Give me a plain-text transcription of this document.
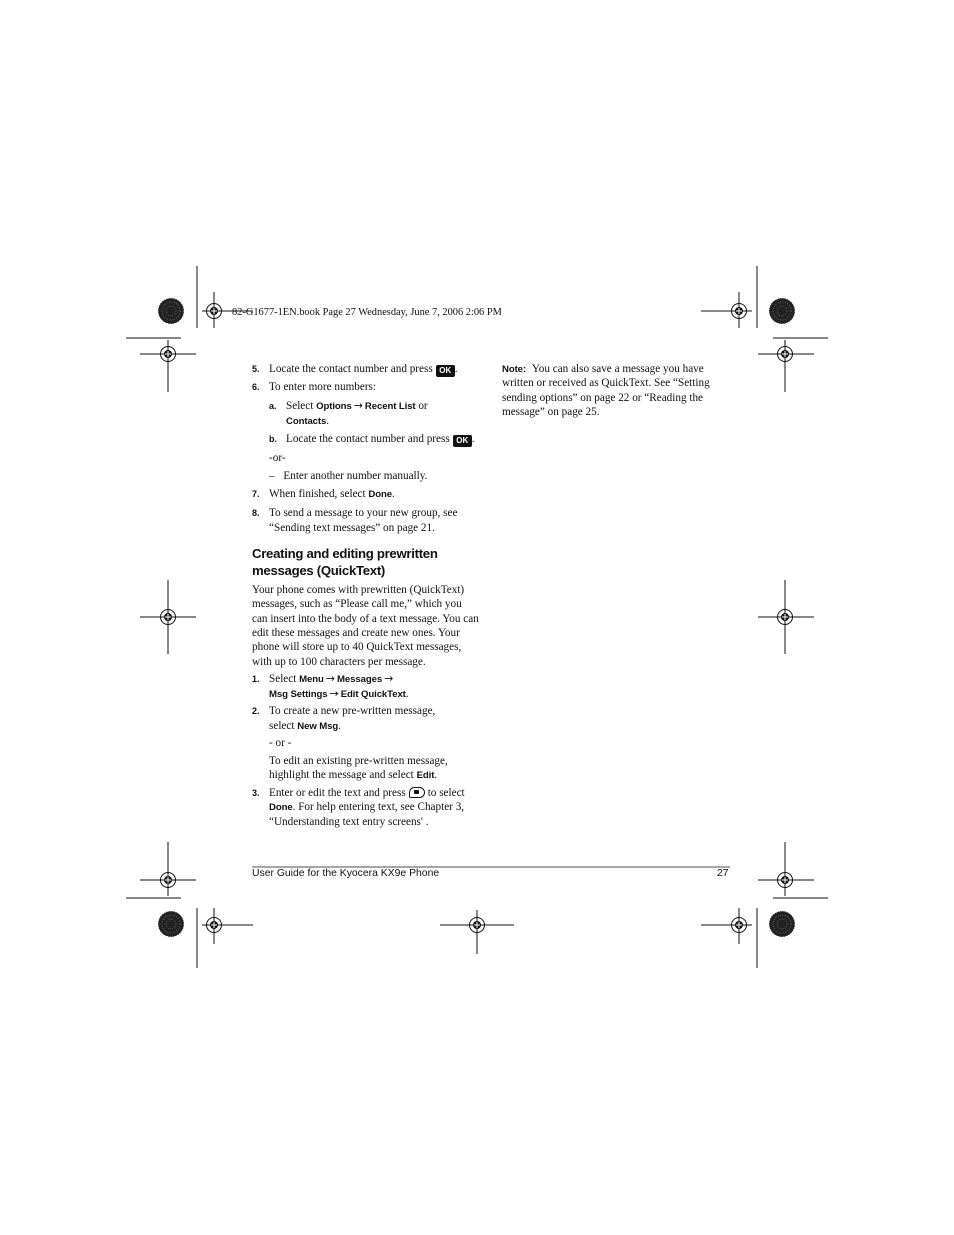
82-G1677-1EN.book Page 27 Wednesday, June 7, 2006 2:06 PM
5. Locate the contact number and press OK .
6. To enter more numbers:
a. Select Options → Recent List or
Contacts.
b. Locate the contact number and press OK .
-or-
– Enter another number manually.
7. When finished, select Done.
8. To send a message to your new group, see
“Sending text messages” on page 21.
Creating and editing prewritten
messages (QuickText)
Your phone comes with prewritten (QuickText)
messages, such as “Please call me,” which you
can insert into the body of a text message. You can
edit these messages and create new ones. Your
phone will store up to 40 QuickText messages,
with up to 100 characters per message.
1. Select Menu → Messages →
Msg Settings → Edit QuickText.
2. To create a new pre-written message,
select New Msg.
- or -
To edit an existing pre-written message,
highlight the message and select Edit.
3. Enter or edit the text and press to select
Done. For help entering text, see Chapter 3,
“Understanding text entry screens' .
Note: You can also save a message you have
written or received as QuickText. See “Setting
sending options” on page 22 or “Reading the
message” on page 25.
User Guide for the Kyocera KX9e Phone	27
